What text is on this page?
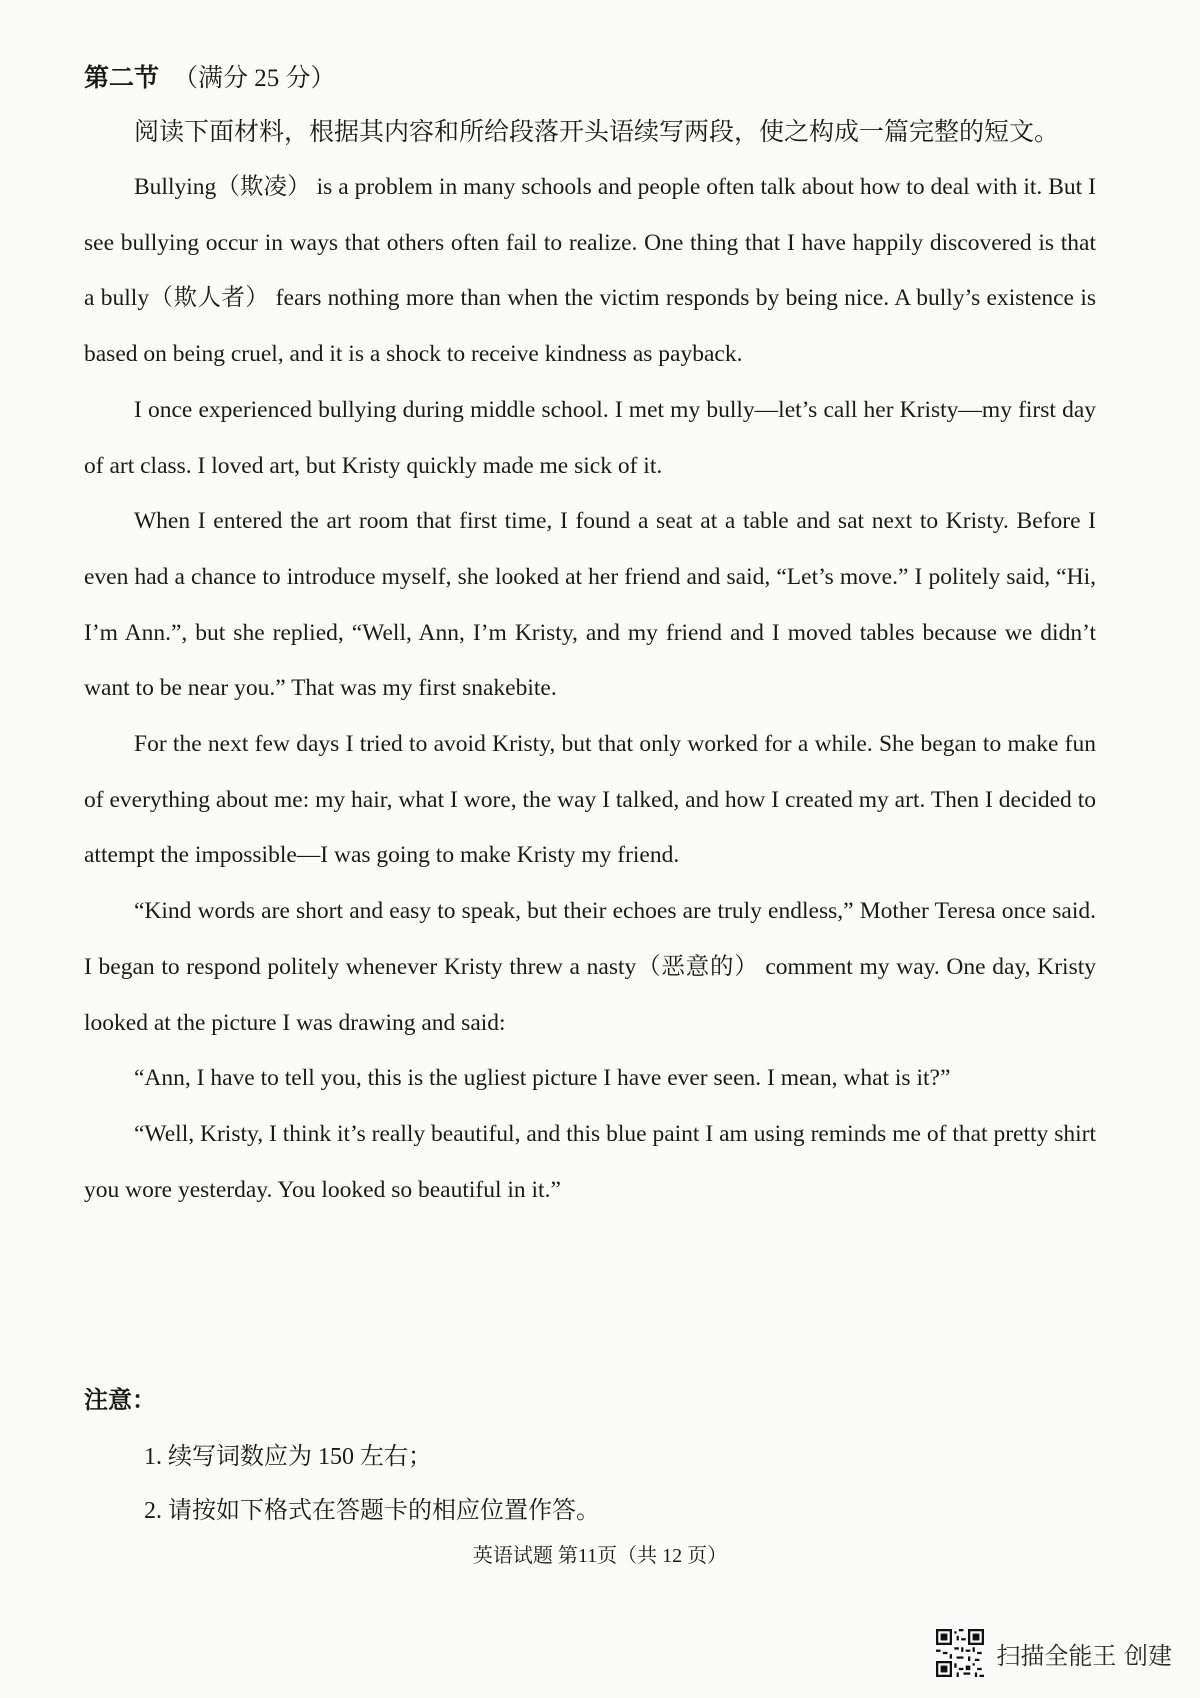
第二节 （满分 25 分）
阅读下面材料，根据其内容和所给段落开头语续写两段，使之构成一篇完整的短文。

Bullying（欺凌） is a problem in many schools and people often talk about how to deal with it. But I see bullying occur in ways that others often fail to realize. One thing that I have happily discovered is that a bully（欺人者） fears nothing more than when the victim responds by being nice. A bully’s existence is based on being cruel, and it is a shock to receive kindness as payback.

I once experienced bullying during middle school. I met my bully—let’s call her Kristy—my first day of art class. I loved art, but Kristy quickly made me sick of it.

When I entered the art room that first time, I found a seat at a table and sat next to Kristy. Before I even had a chance to introduce myself, she looked at her friend and said, “Let’s move.” I politely said, “Hi, I’m Ann.”, but she replied, “Well, Ann, I’m Kristy, and my friend and I moved tables because we didn’t want to be near you.” That was my first snakebite.

For the next few days I tried to avoid Kristy, but that only worked for a while. She began to make fun of everything about me: my hair, what I wore, the way I talked, and how I created my art. Then I decided to attempt the impossible—I was going to make Kristy my friend.

“Kind words are short and easy to speak, but their echoes are truly endless,” Mother Teresa once said. I began to respond politely whenever Kristy threw a nasty（恶意的） comment my way. One day, Kristy looked at the picture I was drawing and said:

“Ann, I have to tell you, this is the ugliest picture I have ever seen. I mean, what is it?”

“Well, Kristy, I think it’s really beautiful, and this blue paint I am using reminds me of that pretty shirt you wore yesterday. You looked so beautiful in it.”

注意：
1. 续写词数应为 150 左右；
2. 请按如下格式在答题卡的相应位置作答。
英语试题 第11页（共 12 页）
扫描全能王 创建
